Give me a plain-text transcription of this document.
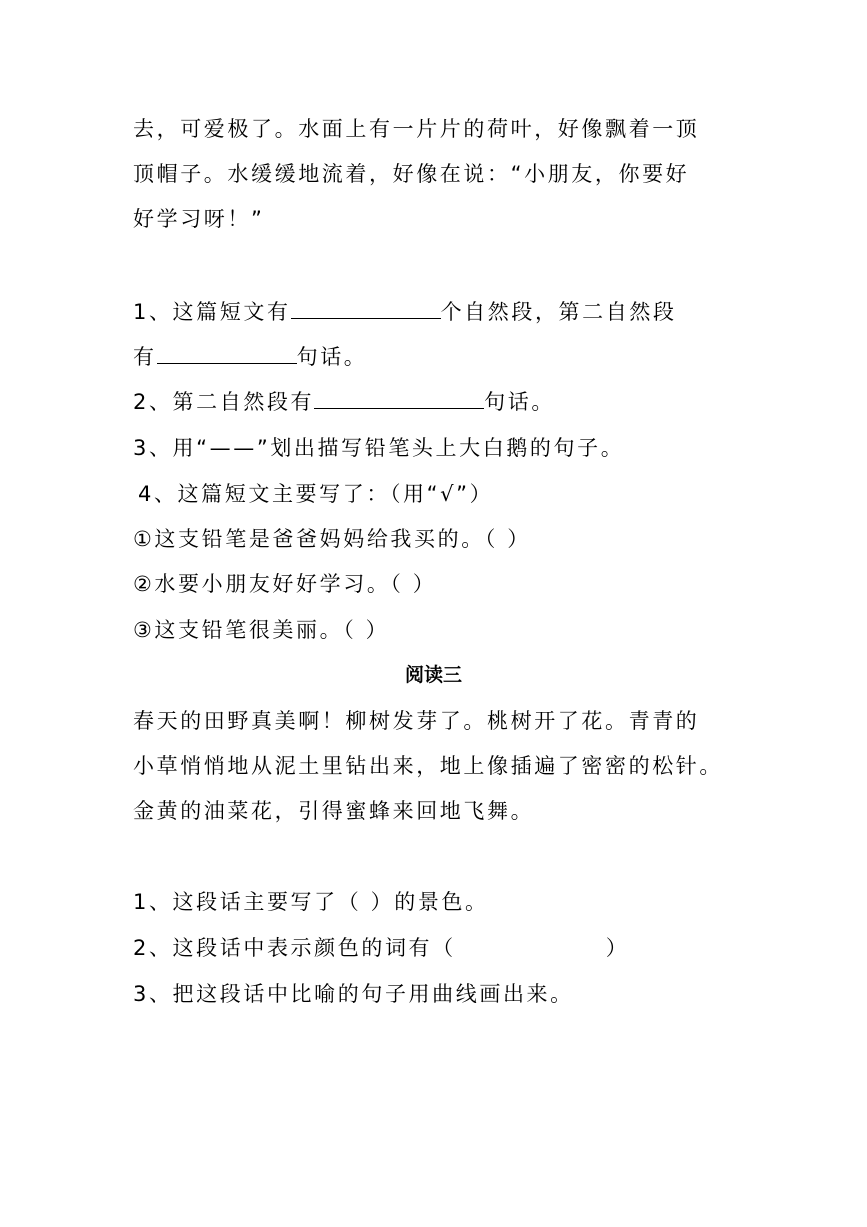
去，可爱极了。水面上有一片片的荷叶，好像飘着一顶
顶帽子。水缓缓地流着，好像在说：“小朋友，你要好
好学习呀！”
1、这篇短文有	个自然段，第二自然段
有	句话。
2、第二自然段有	句话。
3、用“——”划出描写铅笔头上大白鹅的句子。
4、这篇短文主要写了：（用“√”）
①这支铅笔是爸爸妈妈给我买的。（ ）
②水要小朋友好好学习。（ ）
③这支铅笔很美丽。（ ）
阅读三
春天的田野真美啊！柳树发芽了。桃树开了花。青青的
小草悄悄地从泥土里钻出来，地上像插遍了密密的松针。
金黄的油菜花，引得蜜蜂来回地飞舞。
1、这段话主要写了（ ）的景色。
2、这段话中表示颜色的词有（	）
3、把这段话中比喻的句子用曲线画出来。
